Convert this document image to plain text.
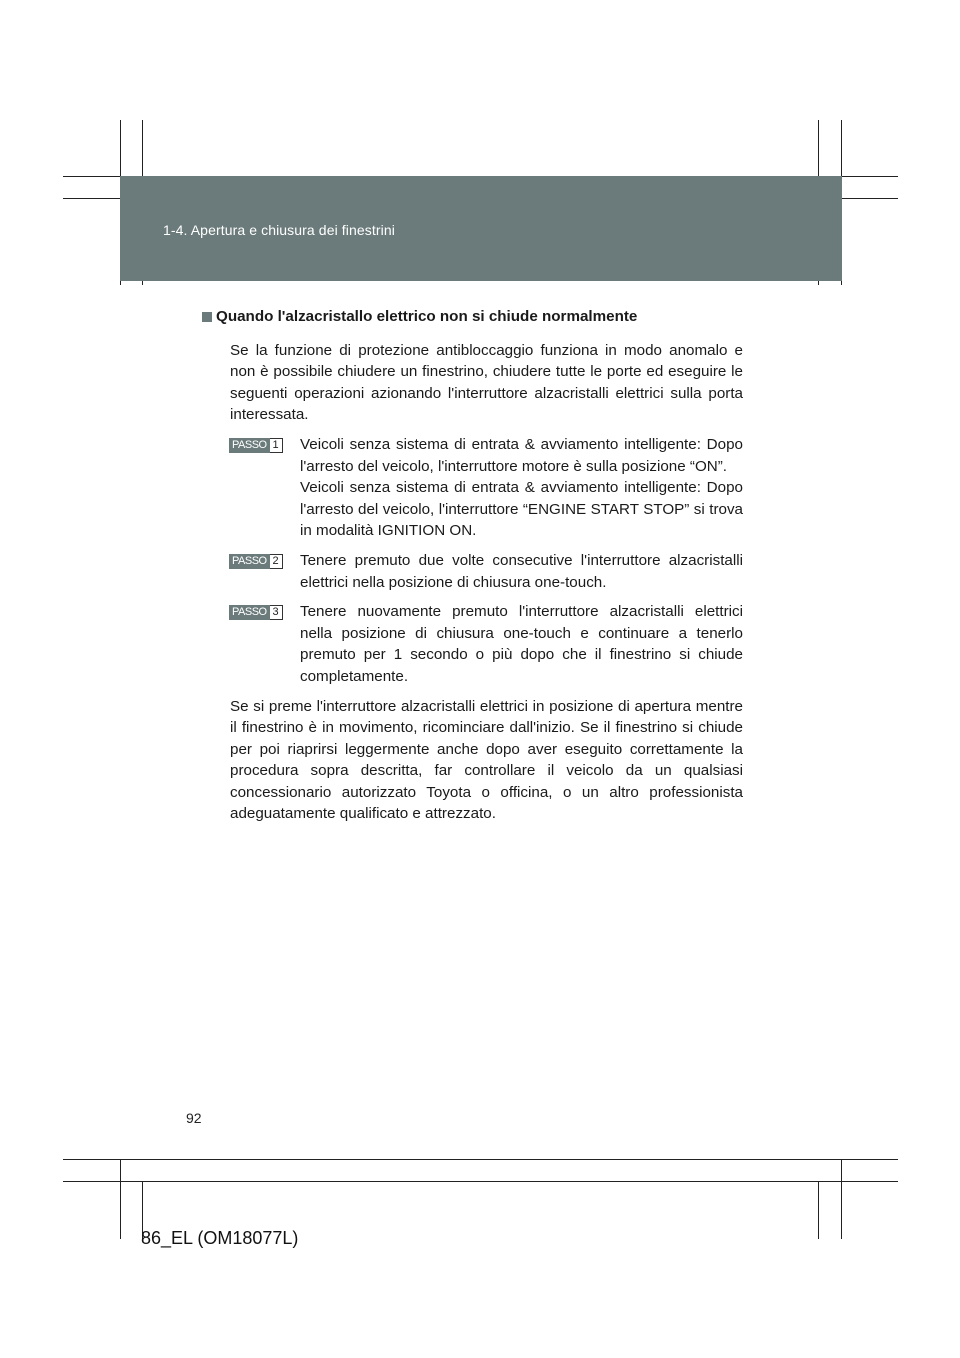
1-4. Apertura e chiusura dei finestrini
Quando l'alzacristallo elettrico non si chiude normalmente

Se la funzione di protezione antibloccaggio funziona in modo anomalo e non è possibile chiudere un finestrino, chiudere tutte le porte ed eseguire le seguenti operazioni azionando l'interruttore alzacristalli elettrici sulla porta interessata.

PASSO 1 Veicoli senza sistema di entrata & avviamento intelligente: Dopo l'arresto del veicolo, l'interruttore motore è sulla posizione “ON”.

Veicoli senza sistema di entrata & avviamento intelligente: Dopo l'arresto del veicolo, l'interruttore “ENGINE START STOP” si trova in modalità IGNITION ON.

PASSO 2 Tenere premuto due volte consecutive l'interruttore alzacristalli elettrici nella posizione di chiusura one-touch.

PASSO 3 Tenere nuovamente premuto l'interruttore alzacristalli elettrici nella posizione di chiusura one-touch e continuare a tenerlo premuto per 1 secondo o più dopo che il finestrino si chiude completamente.

Se si preme l'interruttore alzacristalli elettrici in posizione di apertura mentre il finestrino è in movimento, ricominciare dall'inizio. Se il finestrino si chiude per poi riaprirsi leggermente anche dopo aver eseguito correttamente la procedura sopra descritta, far controllare il veicolo da un qualsiasi concessionario autorizzato Toyota o officina, o un altro professionista adeguatamente qualificato e attrezzato.

92
86_EL (OM18077L)
